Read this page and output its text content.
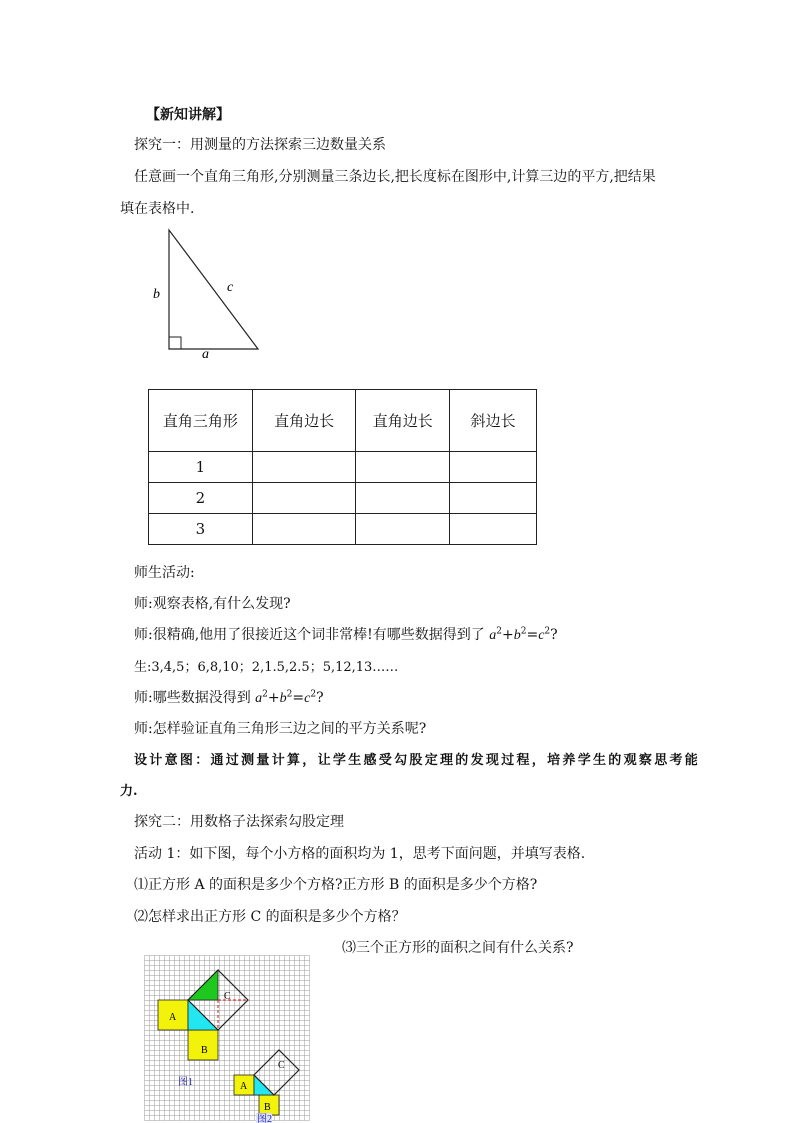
【新知讲解】
探究一：用测量的方法探索三边数量关系
任意画一个直角三角形,分别测量三条边长,把长度标在图形中,计算三边的平方,把结果
填在表格中.
b	c
a
直角三角形	直角边长	直角边长	斜边长
1			
2			
3			
师生活动:
师:观察表格,有什么发现?
师:很精确,他用了很接近这个词非常棒!有哪些数据得到了 $a^2+b^2=c^2$?
生:3,4,5；6,8,10；2,1.5,2.5；5,12,13……
师:哪些数据没得到 $a^2+b^2=c^2$?
师:怎样验证直角三角形三边之间的平方关系呢?
设计意图：通过测量计算，让学生感受勾股定理的发现过程，培养学生的观察思考能
力.
探究二：用数格子法探索勾股定理
活动 1：如下图，每个小方格的面积均为 1，思考下面问题，并填写表格.
⑴正方形 A 的面积是多少个方格?正方形 B 的面积是多少个方格?
⑵怎样求出正方形 C 的面积是多少个方格？
⑶三个正方形的面积之间有什么关系?
A
B
C
图1	A
B
C
图2
